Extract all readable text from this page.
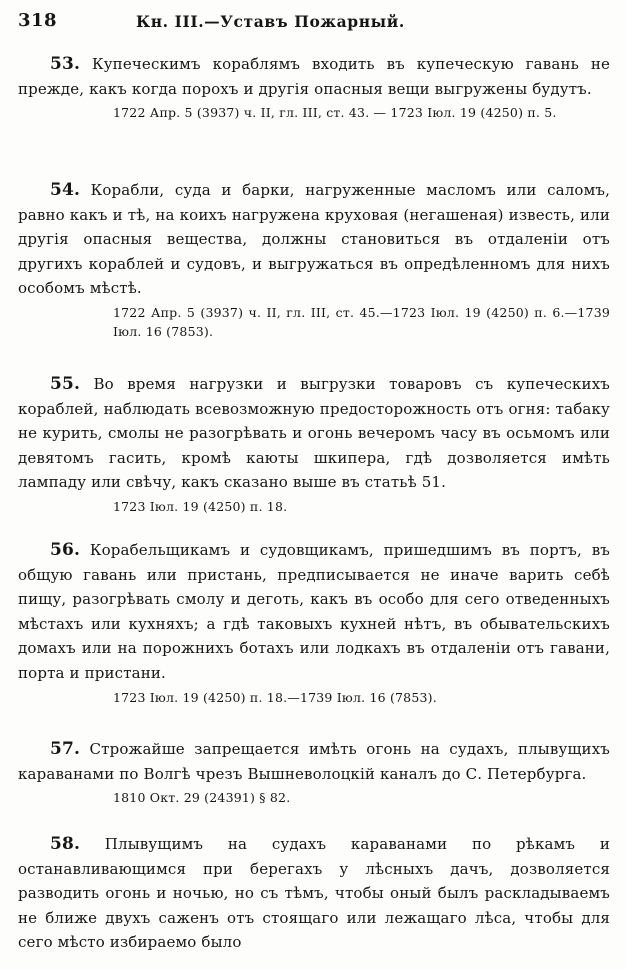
318	Кн. III.—Уставъ Пожарный.
53. Купеческимъ кораблямъ входить въ купеческую гавань не прежде, какъ когда порохъ и другія опасныя вещи выгружены будутъ.
1722 Апр. 5 (3937) ч. II, гл. III, ст. 43. — 1723 Іюл. 19 (4250) п. 5.
54. Корабли, суда и барки, нагруженные масломъ или саломъ, равно какъ и тѣ, на коихъ нагружена круховая (негашеная) известь, или другія опасныя вещества, должны становиться въ отдаленіи отъ другихъ кораблей и судовъ, и выгружаться въ опредѣленномъ для нихъ особомъ мѣстѣ.
1722 Апр. 5 (3937) ч. II, гл. III, ст. 45.—1723 Іюл. 19 (4250) п. 6.—1739 Іюл. 16 (7853).
55. Во время нагрузки и выгрузки товаровъ съ купеческихъ кораблей, наблюдать всевозможную предосторожность отъ огня: табаку не курить, смолы не разогрѣвать и огонь вечеромъ часу въ осьмомъ или девятомъ гасить, кромѣ каюты шкипера, гдѣ дозволяется имѣть лампаду или свѣчу, какъ сказано выше въ статьѣ 51.
1723 Іюл. 19 (4250) п. 18.
56. Корабельщикамъ и судовщикамъ, пришедшимъ въ портъ, въ общую гавань или пристань, предписывается не иначе варить себѣ пищу, разогрѣвать смолу и деготь, какъ въ особо для сего отведенныхъ мѣстахъ или кухняхъ; а гдѣ таковыхъ кухней нѣтъ, въ обывательскихъ домахъ или на порожнихъ ботахъ или лодкахъ въ отдаленіи отъ гавани, порта и пристани.
1723 Іюл. 19 (4250) п. 18.—1739 Іюл. 16 (7853).
57. Строжайше запрещается имѣть огонь на судахъ, плывущихъ караванами по Волгѣ чрезъ Вышневолоцкій каналъ до С. Петербурга.
1810 Окт. 29 (24391) § 82.
58. Плывущимъ на судахъ караванами по рѣкамъ и останавливающимся при берегахъ у лѣсныхъ дачъ, дозволяется разводить огонь и ночью, но съ тѣмъ, чтобы оный былъ раскладываемъ не ближе двухъ саженъ отъ стоящаго или лежащаго лѣса, чтобы для сего мѣсто избираемо было
